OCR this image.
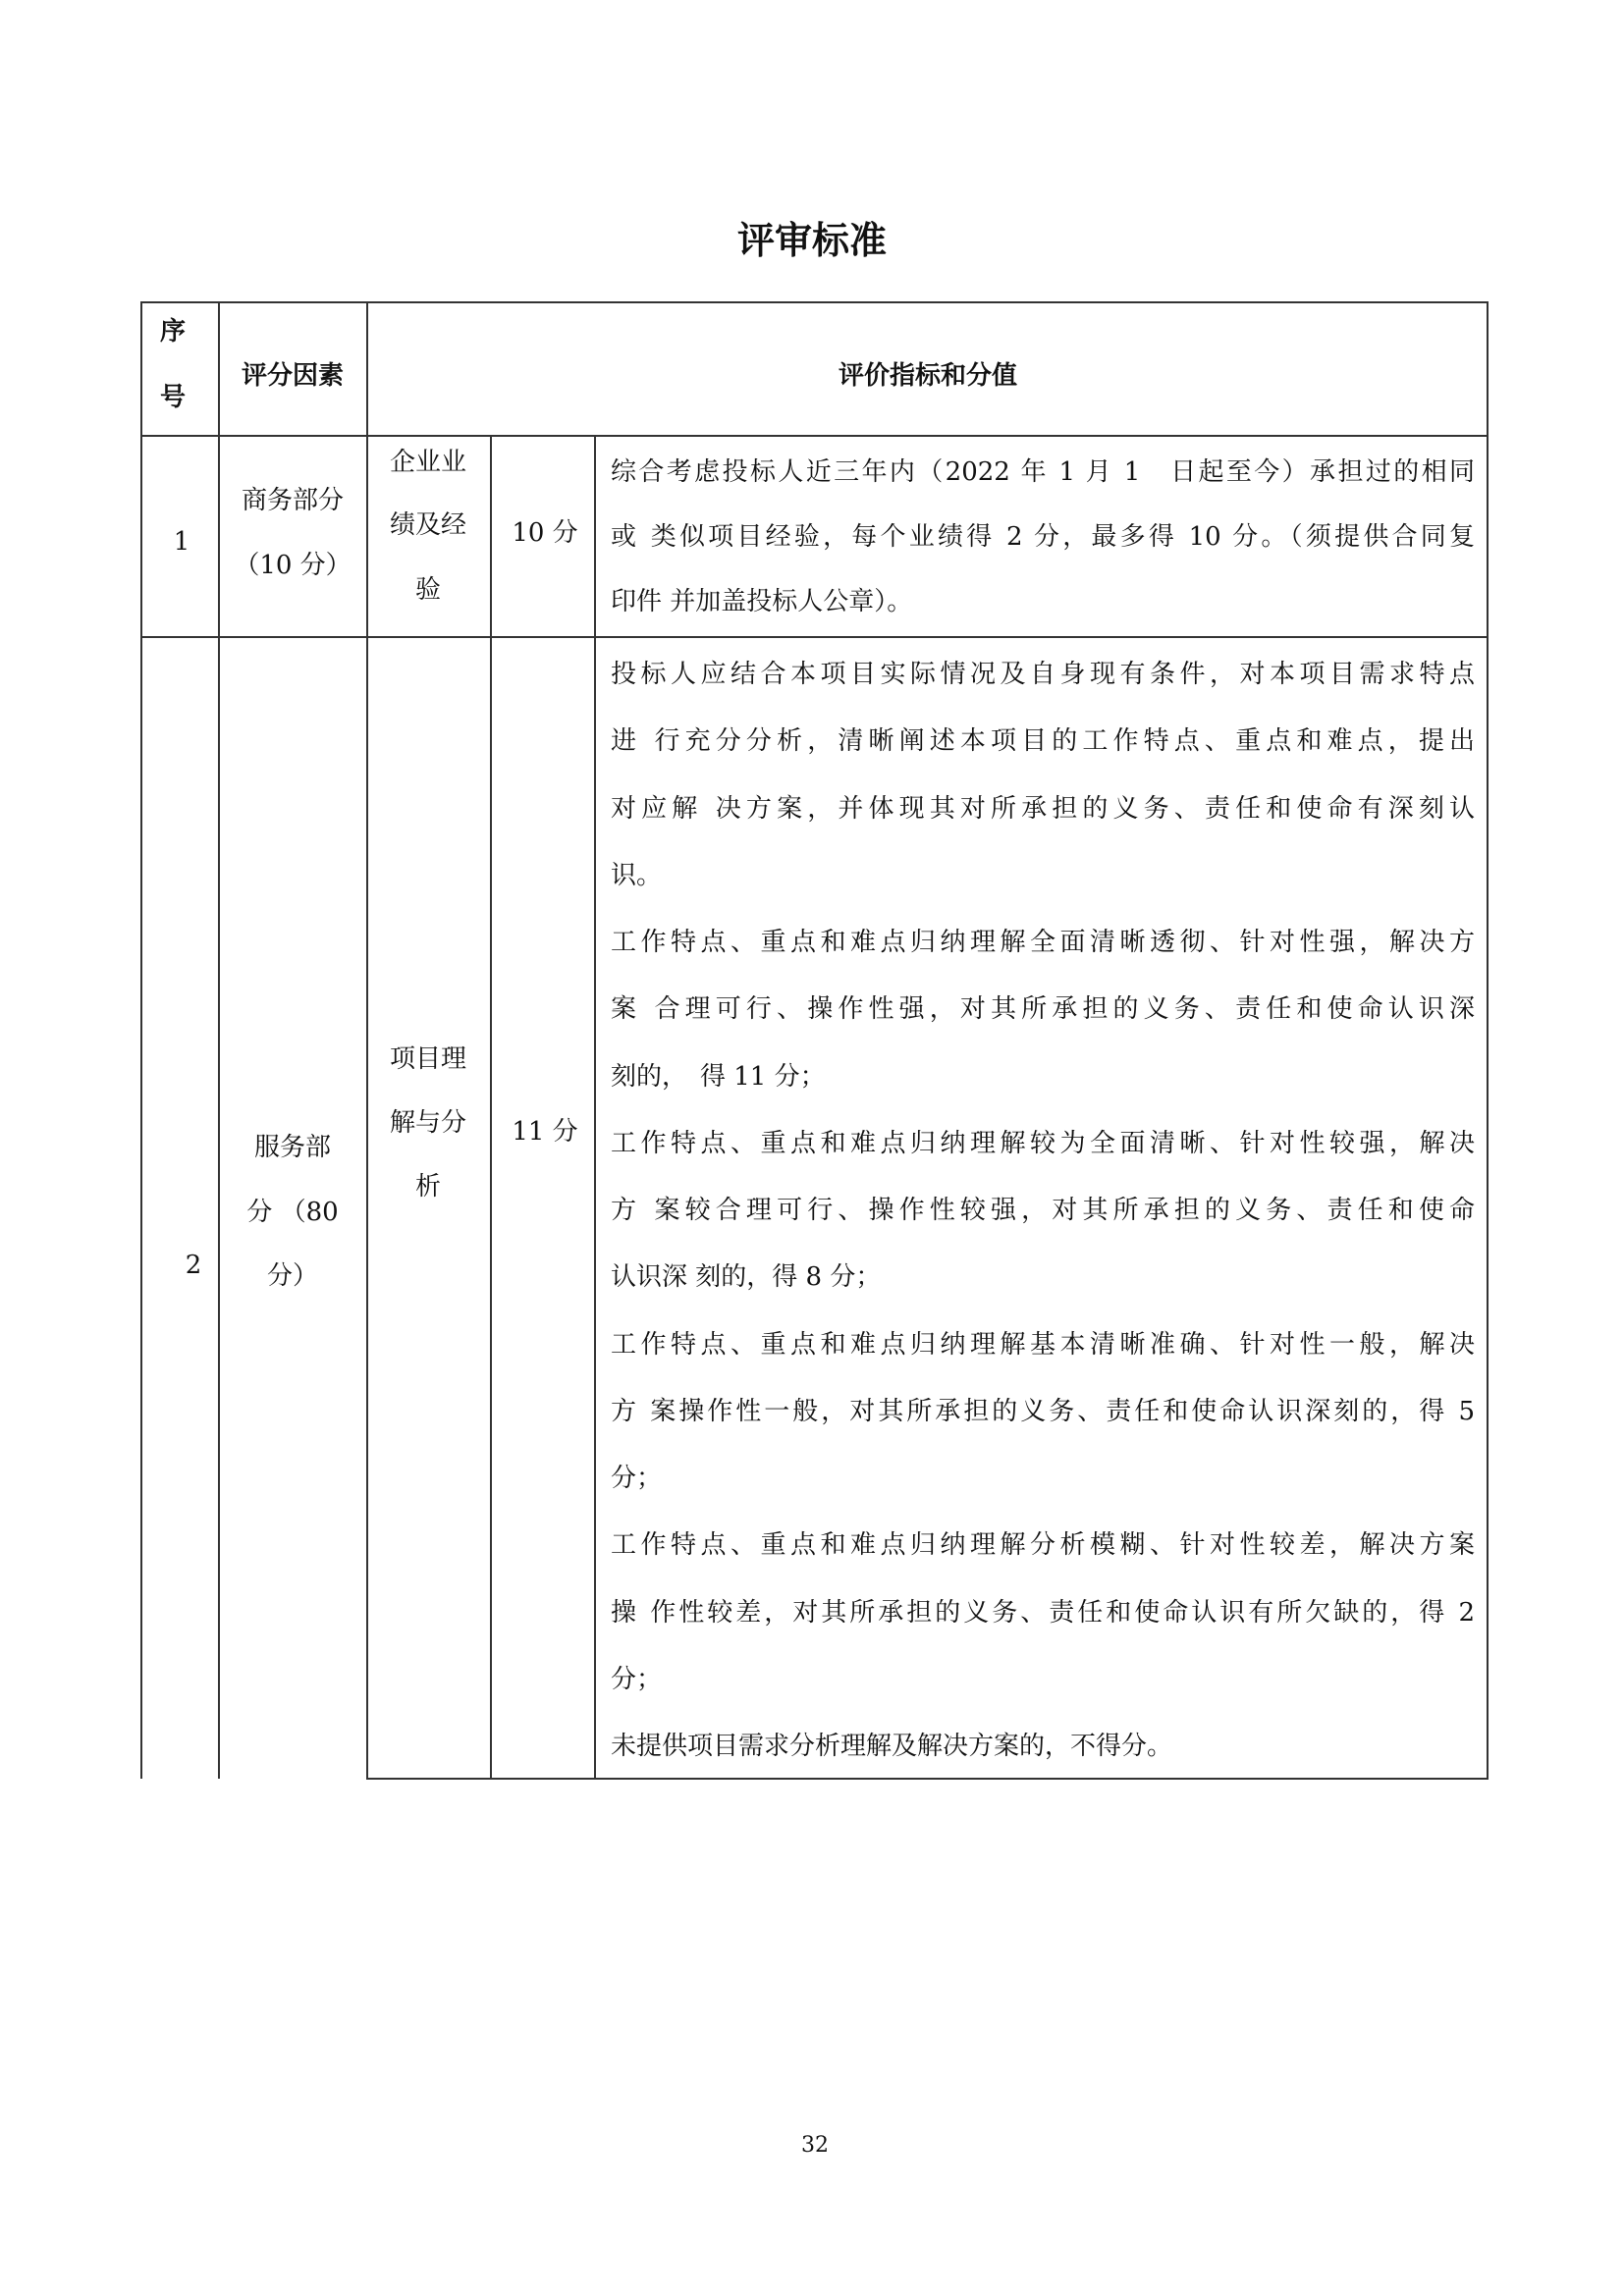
评审标准
序
号
评分因素	评价指标和分值
1
商务部分
（10 分）
企业业
绩及经
验
10 分
综合考虑投标人近三年内（2022 年 1 月 1　日起至今）承担过的相同
或 类似项目经验，每个业绩得 2 分，最多得 10 分。（须提供合同复
印件 并加盖投标人公章）。
2
服务部
分 （80
分）
项目理
解与分
析
11 分
投标人应结合本项目实际情况及自身现有条件，对本项目需求特点
进 行充分分析，清晰阐述本项目的工作特点、重点和难点，提出
对应解 决方案，并体现其对所承担的义务、责任和使命有深刻认
识。
工作特点、重点和难点归纳理解全面清晰透彻、针对性强，解决方
案 合理可行、操作性强，对其所承担的义务、责任和使命认识深
刻的，　得 11 分；
工作特点、重点和难点归纳理解较为全面清晰、针对性较强，解决
方 案较合理可行、操作性较强，对其所承担的义务、责任和使命
认识深 刻的，得 8 分；
工作特点、重点和难点归纳理解基本清晰准确、针对性一般，解决
方 案操作性一般，对其所承担的义务、责任和使命认识深刻的，得 5
分；
工作特点、重点和难点归纳理解分析模糊、针对性较差，解决方案
操 作性较差，对其所承担的义务、责任和使命认识有所欠缺的，得 2
分；
未提供项目需求分析理解及解决方案的，不得分。
32
